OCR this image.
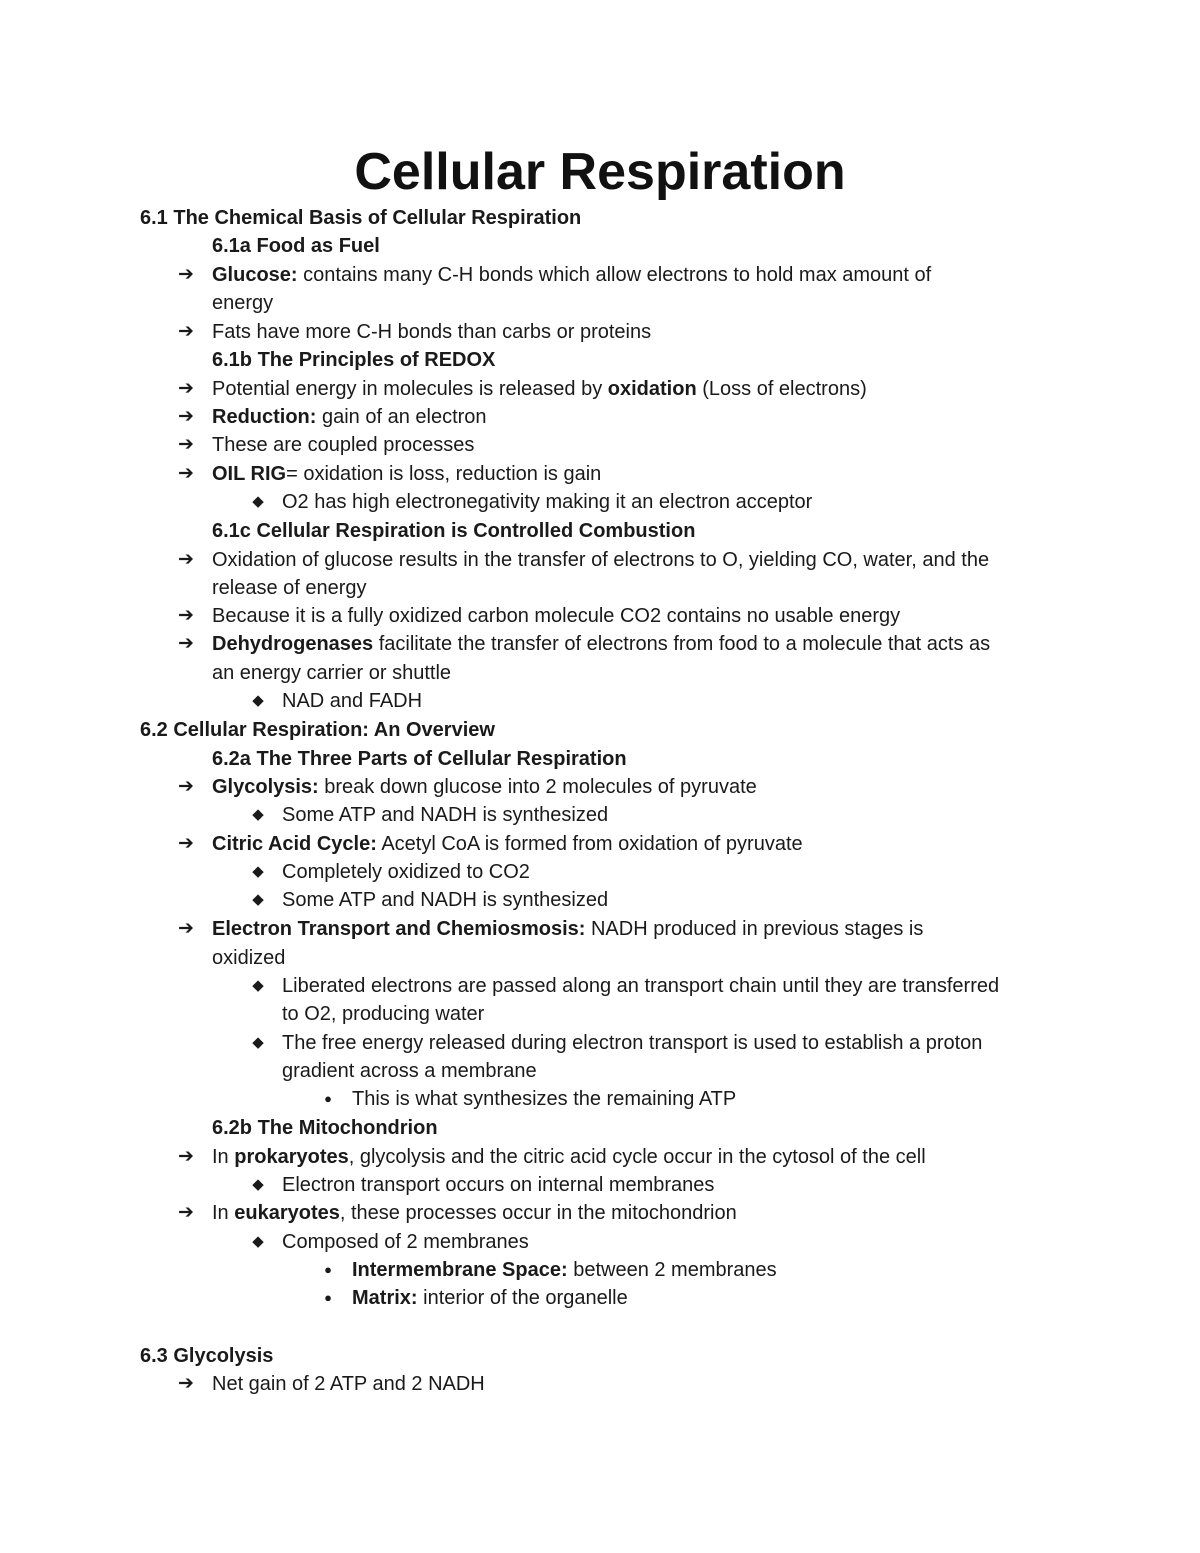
Cellular Respiration
6.1 The Chemical Basis of Cellular Respiration
6.1a Food as Fuel
➔ Glucose: contains many C-H bonds which allow electrons to hold max amount of
energy
➔ Fats have more C-H bonds than carbs or proteins
6.1b The Principles of REDOX
➔ Potential energy in molecules is released by oxidation (Loss of electrons)
➔ Reduction: gain of an electron
➔ These are coupled processes
➔ OIL RIG= oxidation is loss, reduction is gain
◆ O2 has high electronegativity making it an electron acceptor
6.1c Cellular Respiration is Controlled Combustion
➔ Oxidation of glucose results in the transfer of electrons to O, yielding CO, water, and the
release of energy
➔ Because it is a fully oxidized carbon molecule CO2 contains no usable energy
➔ Dehydrogenases facilitate the transfer of electrons from food to a molecule that acts as
an energy carrier or shuttle
◆ NAD and FADH
6.2 Cellular Respiration: An Overview
6.2a The Three Parts of Cellular Respiration
➔ Glycolysis: break down glucose into 2 molecules of pyruvate
◆ Some ATP and NADH is synthesized
➔ Citric Acid Cycle: Acetyl CoA is formed from oxidation of pyruvate
◆ Completely oxidized to CO2
◆ Some ATP and NADH is synthesized
➔ Electron Transport and Chemiosmosis: NADH produced in previous stages is
oxidized
◆ Liberated electrons are passed along an transport chain until they are transferred
to O2, producing water
◆ The free energy released during electron transport is used to establish a proton
gradient across a membrane
●	This is what synthesizes the remaining ATP
6.2b The Mitochondrion
➔ In prokaryotes, glycolysis and the citric acid cycle occur in the cytosol of the cell
◆ Electron transport occurs on internal membranes
➔ In eukaryotes, these processes occur in the mitochondrion
◆ Composed of 2 membranes
●	Intermembrane Space: between 2 membranes
●	Matrix: interior of the organelle
6.3 Glycolysis
➔ Net gain of 2 ATP and 2 NADH
